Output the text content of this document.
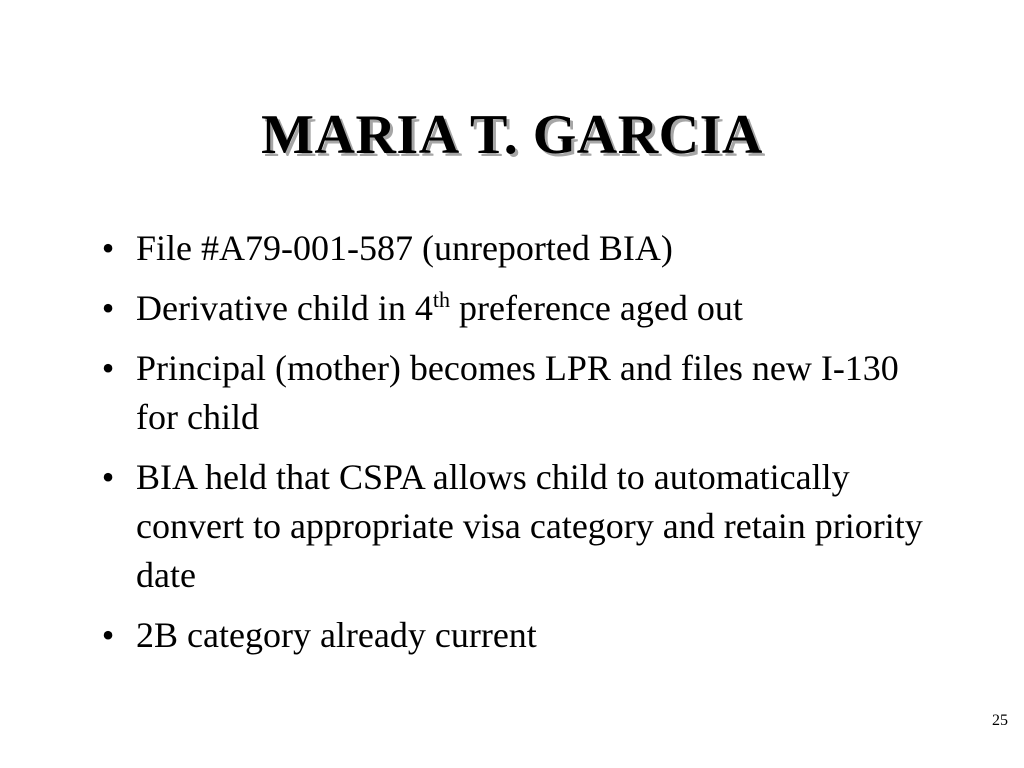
MARIA T. GARCIA
• File #A79-001-587 (unreported BIA)
• Derivative child in 4th preference aged out
• Principal (mother) becomes LPR and files new I-130 for child
• BIA held that CSPA allows child to automatically convert to appropriate visa category and retain priority date
• 2B category already current
25
